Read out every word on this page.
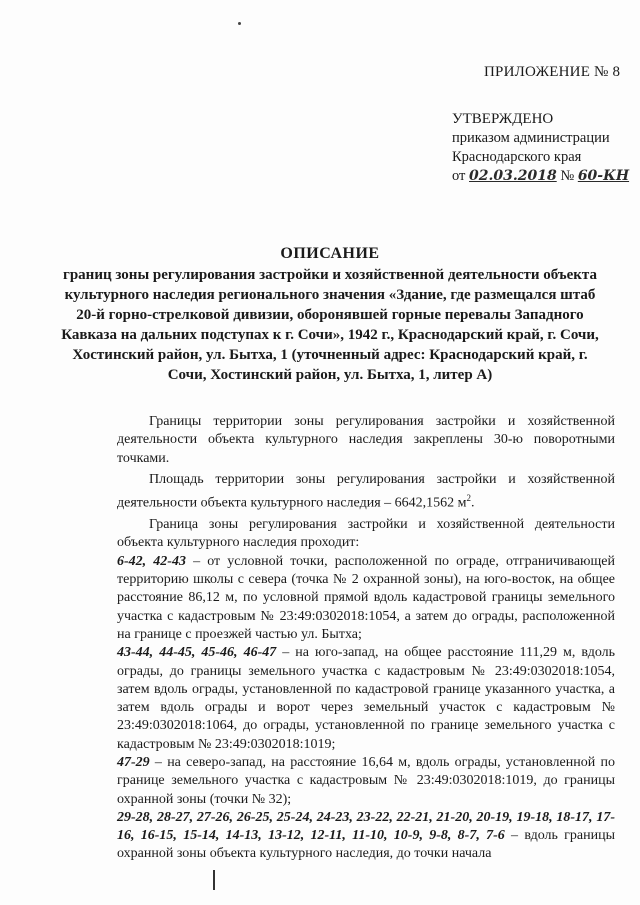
ПРИЛОЖЕНИЕ № 8
УТВЕРЖДЕНО
приказом администрации
Краснодарского края
от 02.03.2018 № 60-КН
ОПИСАНИЕ
границ зоны регулирования застройки и хозяйственной деятельности объекта культурного наследия регионального значения «Здание, где размещался штаб 20-й горно-стрелковой дивизии, оборонявшей горные перевалы Западного Кавказа на дальних подступах к г. Сочи», 1942 г., Краснодарский край, г. Сочи, Хостинский район, ул. Бытха, 1 (уточненный адрес: Краснодарский край, г. Сочи, Хостинский район, ул. Бытха, 1, литер А)

Границы территории зоны регулирования застройки и хозяйственной деятельности объекта культурного наследия закреплены 30-ю поворотными точками.

Площадь территории зоны регулирования застройки и хозяйственной деятельности объекта культурного наследия – 6642,1562 $м^2$.

Граница зоны регулирования застройки и хозяйственной деятельности объекта культурного наследия проходит:

6-42, 42-43 – от условной точки, расположенной по ограде, отграничивающей территорию школы с севера (точка № 2 охранной зоны), на юго-восток, на общее расстояние 86,12 м, по условной прямой вдоль кадастровой границы земельного участка с кадастровым № 23:49:0302018:1054, а затем до ограды, расположенной на границе с проезжей частью ул. Бытха;

43-44, 44-45, 45-46, 46-47 – на юго-запад, на общее расстояние 111,29 м, вдоль ограды, до границы земельного участка с кадастровым № 23:49:0302018:1054, затем вдоль ограды, установленной по кадастровой границе указанного участка, а затем вдоль ограды и ворот через земельный участок с кадастровым № 23:49:0302018:1064, до ограды, установленной по границе земельного участка с кадастровым № 23:49:0302018:1019;

47-29 – на северо-запад, на расстояние 16,64 м, вдоль ограды, установленной по границе земельного участка с кадастровым № 23:49:0302018:1019, до границы охранной зоны (точки № 32);

29-28, 28-27, 27-26, 26-25, 25-24, 24-23, 23-22, 22-21, 21-20, 20-19, 19-18, 18-17, 17-16, 16-15, 15-14, 14-13, 13-12, 12-11, 11-10, 10-9, 9-8, 8-7, 7-6 – вдоль границы охранной зоны объекта культурного наследия, до точки начала
